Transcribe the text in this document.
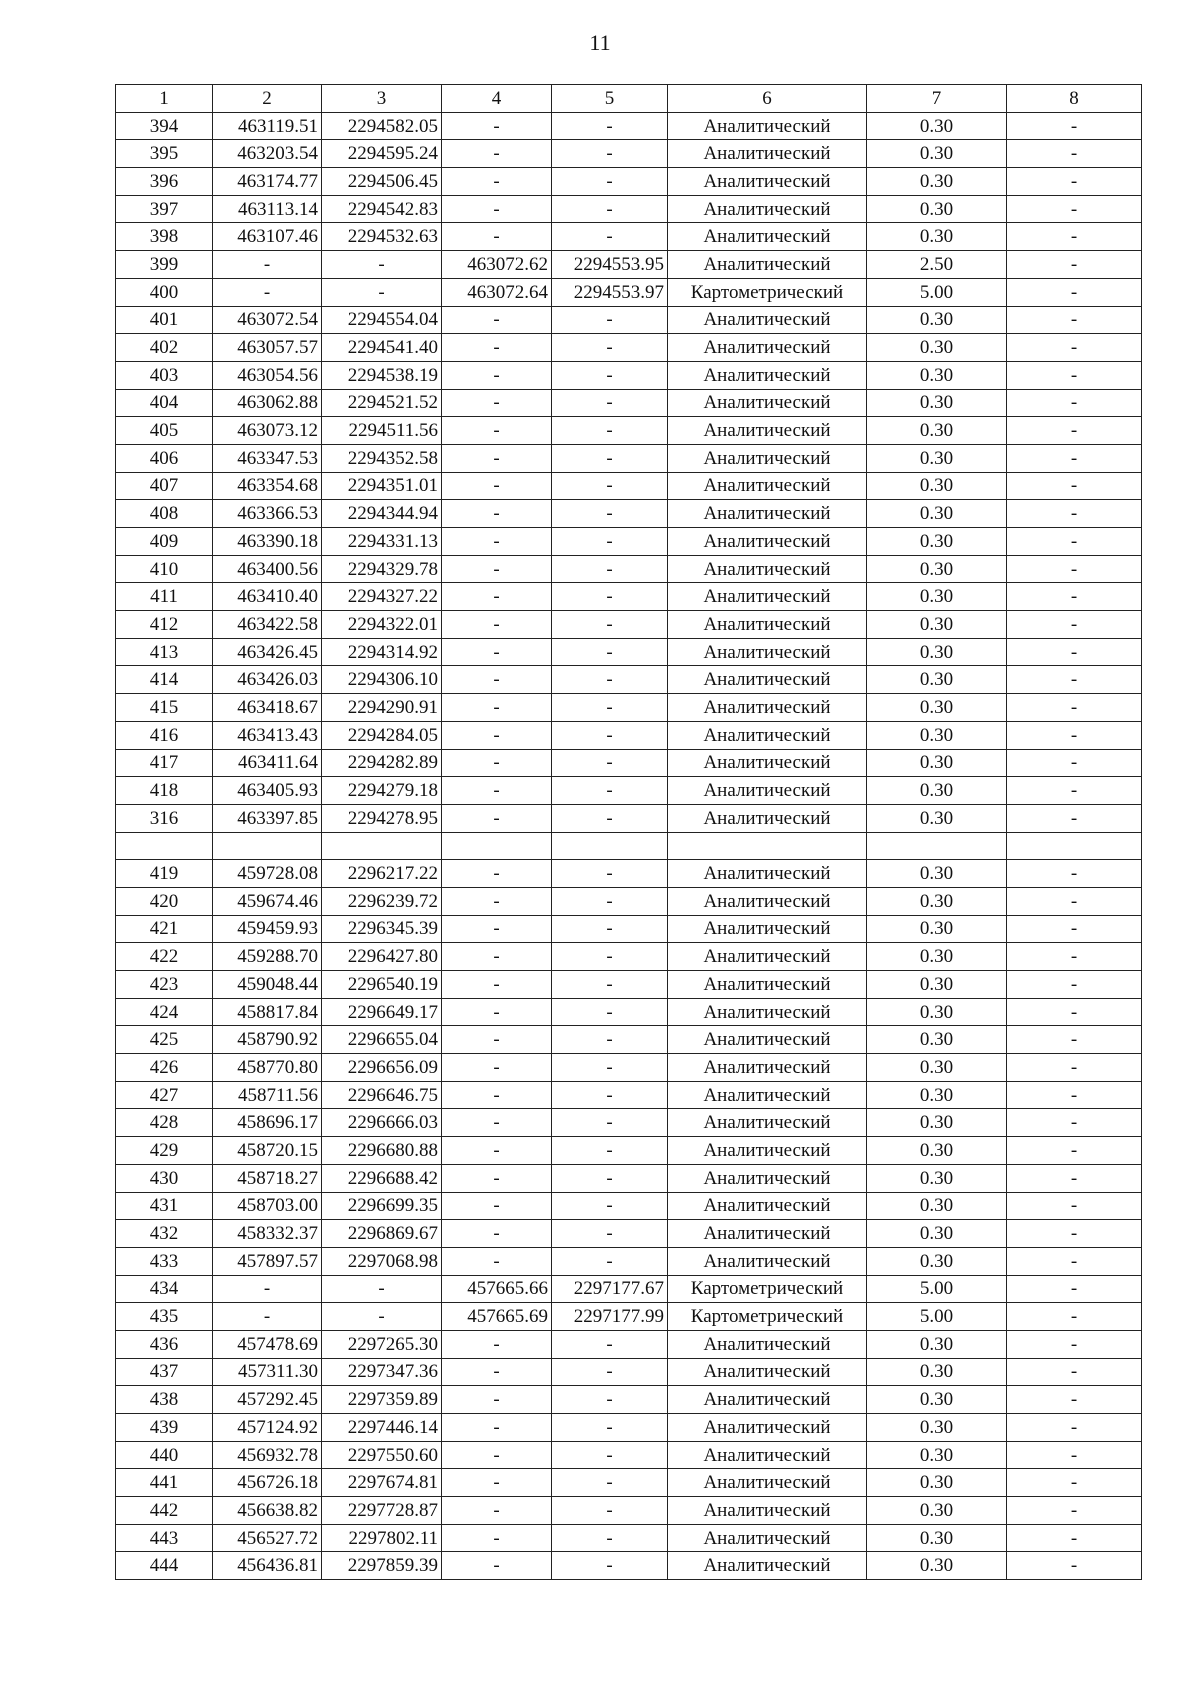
11
1	2	3	4	5	6	7	8
394	463119.51	2294582.05	-	-	Аналитический	0.30	-
395	463203.54	2294595.24	-	-	Аналитический	0.30	-
396	463174.77	2294506.45	-	-	Аналитический	0.30	-
397	463113.14	2294542.83	-	-	Аналитический	0.30	-
398	463107.46	2294532.63	-	-	Аналитический	0.30	-
399	-	-	463072.62	2294553.95	Аналитический	2.50	-
400	-	-	463072.64	2294553.97	Картометрический	5.00	-
401	463072.54	2294554.04	-	-	Аналитический	0.30	-
402	463057.57	2294541.40	-	-	Аналитический	0.30	-
403	463054.56	2294538.19	-	-	Аналитический	0.30	-
404	463062.88	2294521.52	-	-	Аналитический	0.30	-
405	463073.12	2294511.56	-	-	Аналитический	0.30	-
406	463347.53	2294352.58	-	-	Аналитический	0.30	-
407	463354.68	2294351.01	-	-	Аналитический	0.30	-
408	463366.53	2294344.94	-	-	Аналитический	0.30	-
409	463390.18	2294331.13	-	-	Аналитический	0.30	-
410	463400.56	2294329.78	-	-	Аналитический	0.30	-
411	463410.40	2294327.22	-	-	Аналитический	0.30	-
412	463422.58	2294322.01	-	-	Аналитический	0.30	-
413	463426.45	2294314.92	-	-	Аналитический	0.30	-
414	463426.03	2294306.10	-	-	Аналитический	0.30	-
415	463418.67	2294290.91	-	-	Аналитический	0.30	-
416	463413.43	2294284.05	-	-	Аналитический	0.30	-
417	463411.64	2294282.89	-	-	Аналитический	0.30	-
418	463405.93	2294279.18	-	-	Аналитический	0.30	-
316	463397.85	2294278.95	-	-	Аналитический	0.30	-

419	459728.08	2296217.22	-	-	Аналитический	0.30	-
420	459674.46	2296239.72	-	-	Аналитический	0.30	-
421	459459.93	2296345.39	-	-	Аналитический	0.30	-
422	459288.70	2296427.80	-	-	Аналитический	0.30	-
423	459048.44	2296540.19	-	-	Аналитический	0.30	-
424	458817.84	2296649.17	-	-	Аналитический	0.30	-
425	458790.92	2296655.04	-	-	Аналитический	0.30	-
426	458770.80	2296656.09	-	-	Аналитический	0.30	-
427	458711.56	2296646.75	-	-	Аналитический	0.30	-
428	458696.17	2296666.03	-	-	Аналитический	0.30	-
429	458720.15	2296680.88	-	-	Аналитический	0.30	-
430	458718.27	2296688.42	-	-	Аналитический	0.30	-
431	458703.00	2296699.35	-	-	Аналитический	0.30	-
432	458332.37	2296869.67	-	-	Аналитический	0.30	-
433	457897.57	2297068.98	-	-	Аналитический	0.30	-
434	-	-	457665.66	2297177.67	Картометрический	5.00	-
435	-	-	457665.69	2297177.99	Картометрический	5.00	-
436	457478.69	2297265.30	-	-	Аналитический	0.30	-
437	457311.30	2297347.36	-	-	Аналитический	0.30	-
438	457292.45	2297359.89	-	-	Аналитический	0.30	-
439	457124.92	2297446.14	-	-	Аналитический	0.30	-
440	456932.78	2297550.60	-	-	Аналитический	0.30	-
441	456726.18	2297674.81	-	-	Аналитический	0.30	-
442	456638.82	2297728.87	-	-	Аналитический	0.30	-
443	456527.72	2297802.11	-	-	Аналитический	0.30	-
444	456436.81	2297859.39	-	-	Аналитический	0.30	-
